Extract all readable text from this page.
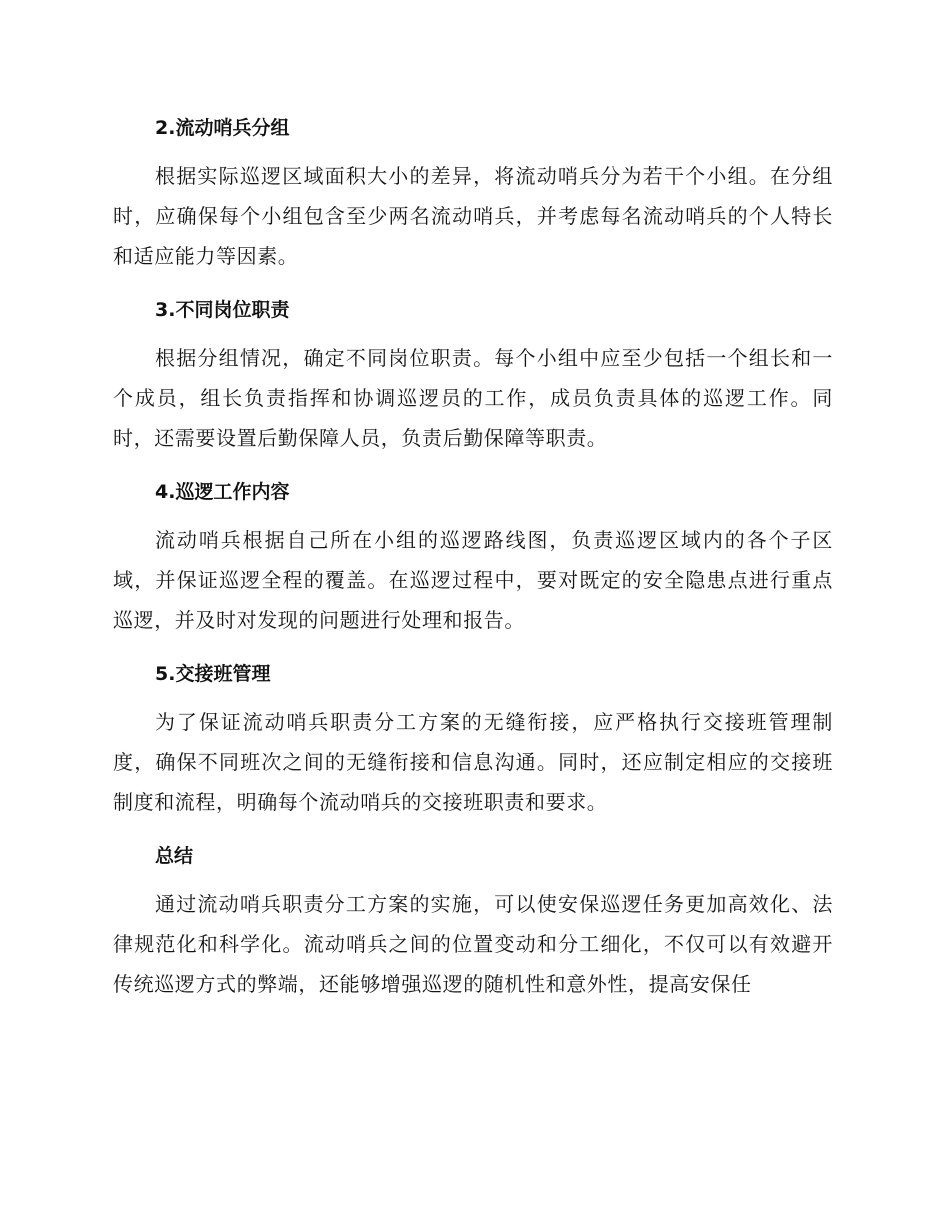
2.流动哨兵分组

根据实际巡逻区域面积大小的差异，将流动哨兵分为若干个小组。在分组时，应确保每个小组包含至少两名流动哨兵，并考虑每名流动哨兵的个人特长和适应能力等因素。

3.不同岗位职责

根据分组情况，确定不同岗位职责。每个小组中应至少包括一个组长和一个成员，组长负责指挥和协调巡逻员的工作，成员负责具体的巡逻工作。同时，还需要设置后勤保障人员，负责后勤保障等职责。

4.巡逻工作内容

流动哨兵根据自己所在小组的巡逻路线图，负责巡逻区域内的各个子区域，并保证巡逻全程的覆盖。在巡逻过程中，要对既定的安全隐患点进行重点巡逻，并及时对发现的问题进行处理和报告。

5.交接班管理

为了保证流动哨兵职责分工方案的无缝衔接，应严格执行交接班管理制度，确保不同班次之间的无缝衔接和信息沟通。同时，还应制定相应的交接班制度和流程，明确每个流动哨兵的交接班职责和要求。

总结

通过流动哨兵职责分工方案的实施，可以使安保巡逻任务更加高效化、法律规范化和科学化。流动哨兵之间的位置变动和分工细化，不仅可以有效避开传统巡逻方式的弊端，还能够增强巡逻的随机性和意外性，提高安保任
